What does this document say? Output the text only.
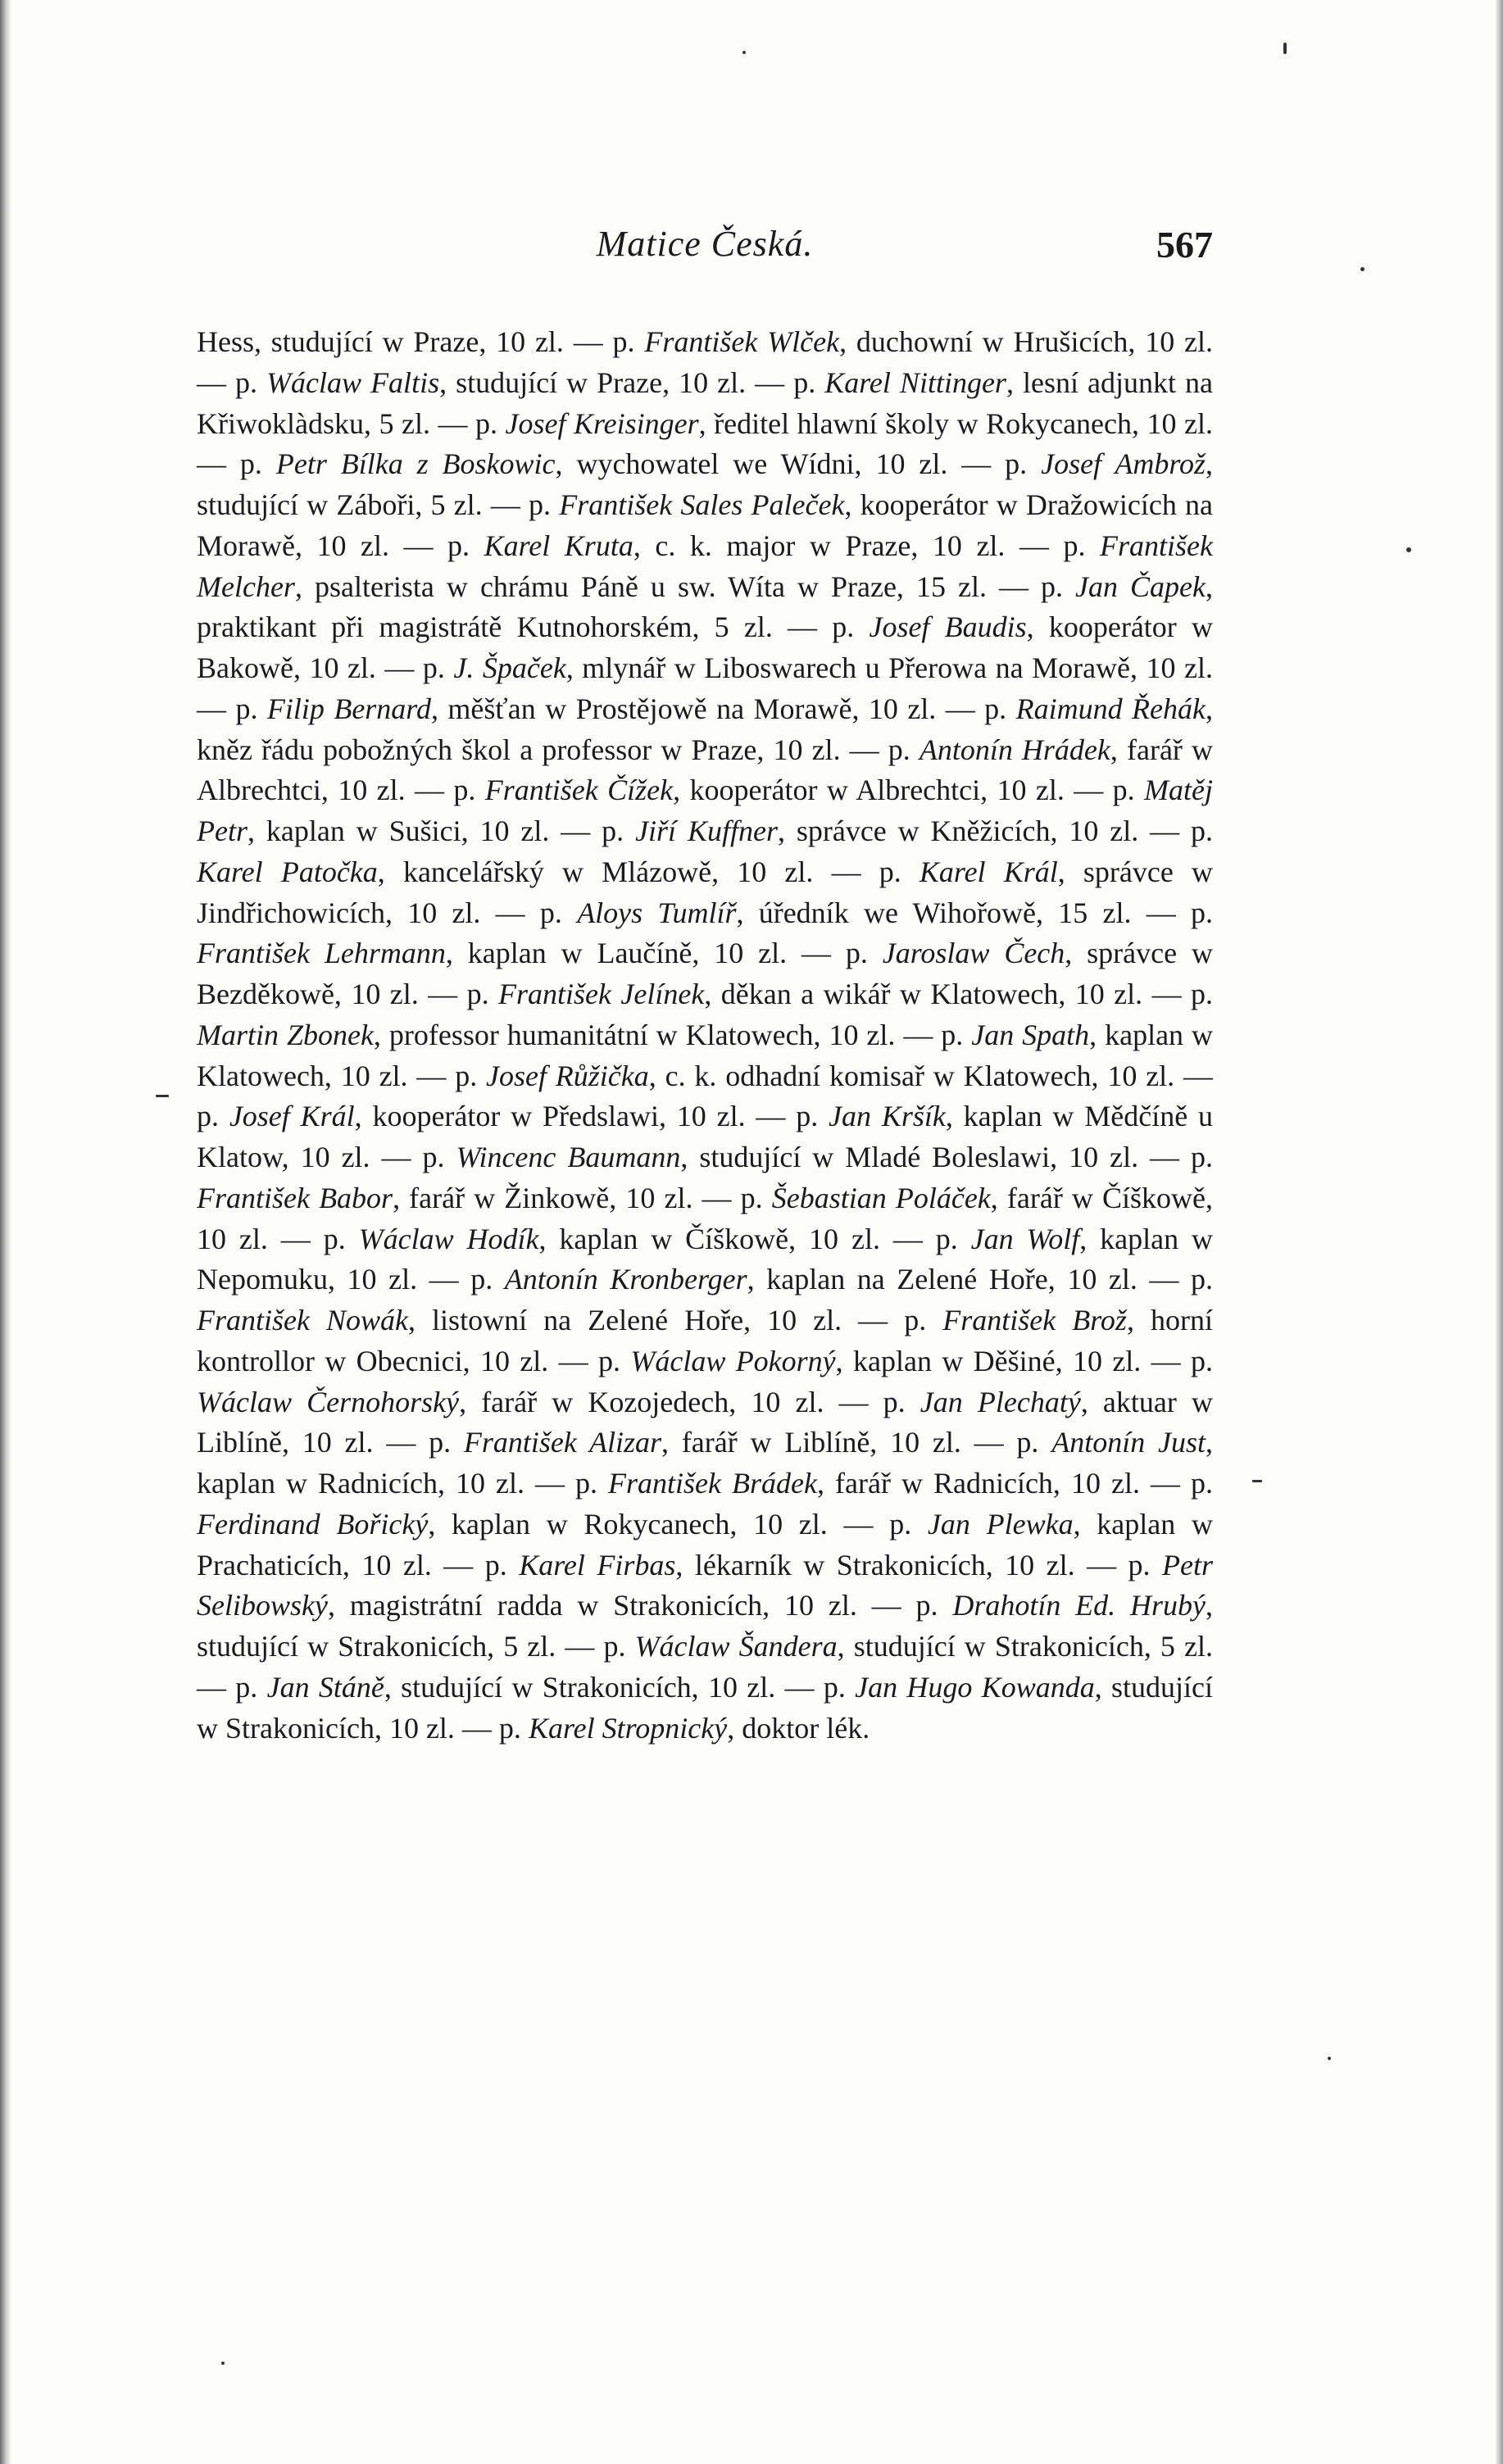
Matice Česká.	567

Hess, studující w Praze, 10 zl. — p. František Wlček, duchowní w Hrušicích, 10 zl. — p. Wáclaw Faltis, studující w Praze, 10 zl. — p. Karel Nittinger, lesní adjunkt na Křiwoklàdsku, 5 zl. — p. Josef Kreisinger, ředitel hlawní školy w Rokycanech, 10 zl. — p. Petr Bílka z Boskowic, wychowatel we Wídni, 10 zl. — p. Josef Ambrož, studující w Záboři, 5 zl. — p. František Sales Paleček, kooperátor w Dražowicích na Morawě, 10 zl. — p. Karel Kruta, c. k. major w Praze, 10 zl. — p. František Melcher, psalterista w chrámu Páně u sw. Wíta w Praze, 15 zl. — p. Jan Čapek, praktikant při magistrátě Kutnohorském, 5 zl. — p. Josef Baudis, kooperátor w Bakowě, 10 zl. — p. J. Špaček, mlynář w Liboswarech u Přerowa na Morawě, 10 zl. — p. Filip Bernard, měšťan w Prostějowě na Morawě, 10 zl. — p. Raimund Řehák, kněz řádu pobožných škol a professor w Praze, 10 zl. — p. Antonín Hrádek, farář w Albrechtci, 10 zl. — p. František Čížek, kooperátor w Albrechtci, 10 zl. — p. Matěj Petr, kaplan w Sušici, 10 zl. — p. Jiří Kuffner, správce w Kněžicích, 10 zl. — p. Karel Patočka, kancelářský w Mlázowě, 10 zl. — p. Karel Král, správce w Jindřichowicích, 10 zl. — p. Aloys Tumlíř, úředník we Wihořowě, 15 zl. — p. František Lehrmann, kaplan w Laučíně, 10 zl. — p. Jaroslaw Čech, správce w Bezděkowě, 10 zl. — p. František Jelínek, děkan a wikář w Klatowech, 10 zl. — p. Martin Zbonek, professor humanitátní w Klatowech, 10 zl. — p. Jan Spath, kaplan w Klatowech, 10 zl. — p. Josef Růžička, c. k. odhadní komisař w Klatowech, 10 zl. — p. Josef Král, kooperátor w Předslawi, 10 zl. — p. Jan Kršík, kaplan w Mědčíně u Klatow, 10 zl. — p. Wincenc Baumann, studující w Mladé Boleslawi, 10 zl. — p. František Babor, farář w Žinkowě, 10 zl. — p. Šebastian Poláček, farář w Číškowě, 10 zl. — p. Wáclaw Hodík, kaplan w Číškowě, 10 zl. — p. Jan Wolf, kaplan w Nepomuku, 10 zl. — p. Antonín Kronberger, kaplan na Zelené Hoře, 10 zl. — p. František Nowák, listowní na Zelené Hoře, 10 zl. — p. František Brož, horní kontrollor w Obecnici, 10 zl. — p. Wáclaw Pokorný, kaplan w Děšiné, 10 zl. — p. Wáclaw Černohorský, farář w Kozojedech, 10 zl. — p. Jan Plechatý, aktuar w Liblíně, 10 zl. — p. František Alizar, farář w Liblíně, 10 zl. — p. Antonín Just, kaplan w Radnicích, 10 zl. — p. František Brádek, farář w Radnicích, 10 zl. — p. Ferdinand Bořický, kaplan w Rokycanech, 10 zl. — p. Jan Plewka, kaplan w Prachaticích, 10 zl. — p. Karel Firbas, lékarník w Strakonicích, 10 zl. — p. Petr Selibowský, magistrátní radda w Strakonicích, 10 zl. — p. Drahotín Ed. Hrubý, studující w Strakonicích, 5 zl. — p. Wáclaw Šandera, studující w Strakonicích, 5 zl. — p. Jan Stáně, studující w Strakonicích, 10 zl. — p. Jan Hugo Kowanda, studující w Strakonicích, 10 zl. — p. Karel Stropnický, doktor lék.
